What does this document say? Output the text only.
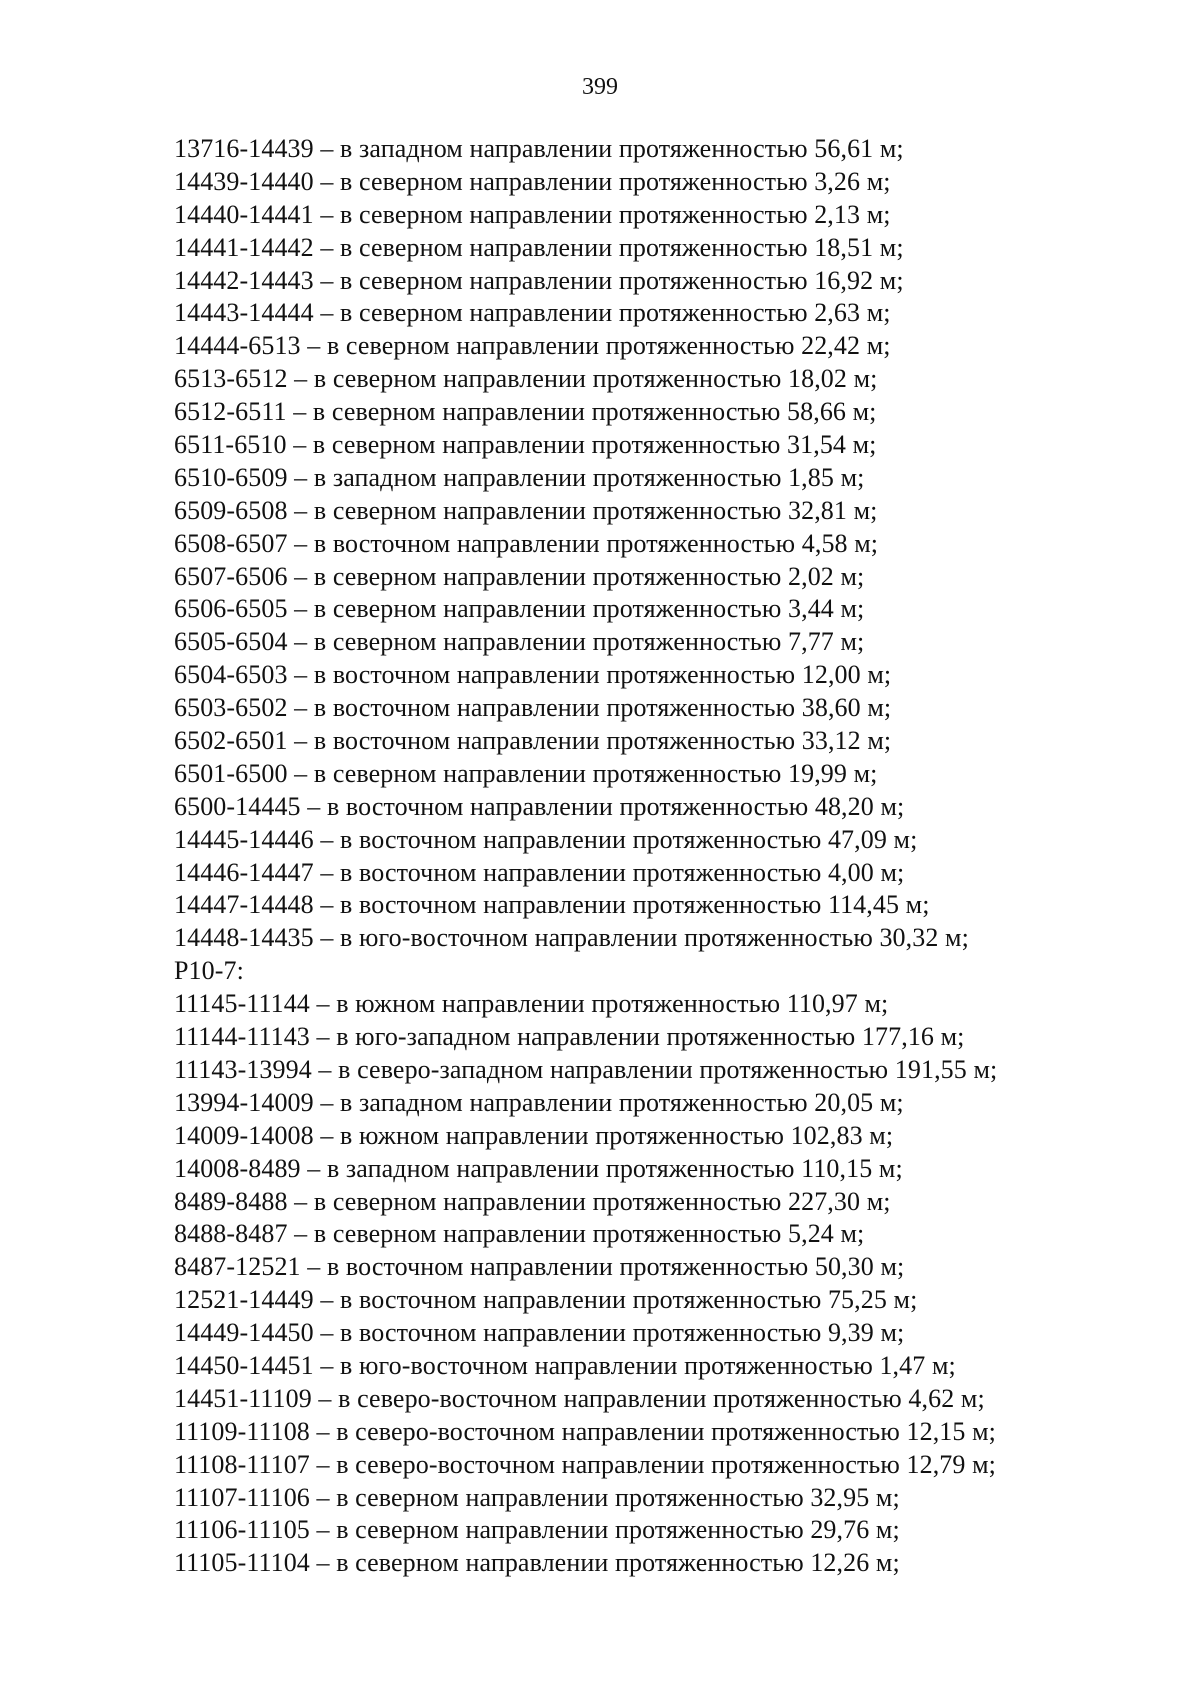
399
13716-14439 – в западном направлении протяженностью 56,61 м;
14439-14440 – в северном направлении протяженностью 3,26 м;
14440-14441 – в северном направлении протяженностью 2,13 м;
14441-14442 – в северном направлении протяженностью 18,51 м;
14442-14443 – в северном направлении протяженностью 16,92 м;
14443-14444 – в северном направлении протяженностью 2,63 м;
14444-6513 – в северном направлении протяженностью 22,42 м;
6513-6512 – в северном направлении протяженностью 18,02 м;
6512-6511 – в северном направлении протяженностью 58,66 м;
6511-6510 – в северном направлении протяженностью 31,54 м;
6510-6509 – в западном направлении протяженностью 1,85 м;
6509-6508 – в северном направлении протяженностью 32,81 м;
6508-6507 – в восточном направлении протяженностью 4,58 м;
6507-6506 – в северном направлении протяженностью 2,02 м;
6506-6505 – в северном направлении протяженностью 3,44 м;
6505-6504 – в северном направлении протяженностью 7,77 м;
6504-6503 – в восточном направлении протяженностью 12,00 м;
6503-6502 – в восточном направлении протяженностью 38,60 м;
6502-6501 – в восточном направлении протяженностью 33,12 м;
6501-6500 – в северном направлении протяженностью 19,99 м;
6500-14445 – в восточном направлении протяженностью 48,20 м;
14445-14446 – в восточном направлении протяженностью 47,09 м;
14446-14447 – в восточном направлении протяженностью 4,00 м;
14447-14448 – в восточном направлении протяженностью 114,45 м;
14448-14435 – в юго-восточном направлении протяженностью 30,32 м;
Р10-7:
11145-11144 – в южном направлении протяженностью 110,97 м;
11144-11143 – в юго-западном направлении протяженностью 177,16 м;
11143-13994 – в северо-западном направлении протяженностью 191,55 м;
13994-14009 – в западном направлении протяженностью 20,05 м;
14009-14008 – в южном направлении протяженностью 102,83 м;
14008-8489 – в западном направлении протяженностью 110,15 м;
8489-8488 – в северном направлении протяженностью 227,30 м;
8488-8487 – в северном направлении протяженностью 5,24 м;
8487-12521 – в восточном направлении протяженностью 50,30 м;
12521-14449 – в восточном направлении протяженностью 75,25 м;
14449-14450 – в восточном направлении протяженностью 9,39 м;
14450-14451 – в юго-восточном направлении протяженностью 1,47 м;
14451-11109 – в северо-восточном направлении протяженностью 4,62 м;
11109-11108 – в северо-восточном направлении протяженностью 12,15 м;
11108-11107 – в северо-восточном направлении протяженностью 12,79 м;
11107-11106 – в северном направлении протяженностью 32,95 м;
11106-11105 – в северном направлении протяженностью 29,76 м;
11105-11104 – в северном направлении протяженностью 12,26 м;
